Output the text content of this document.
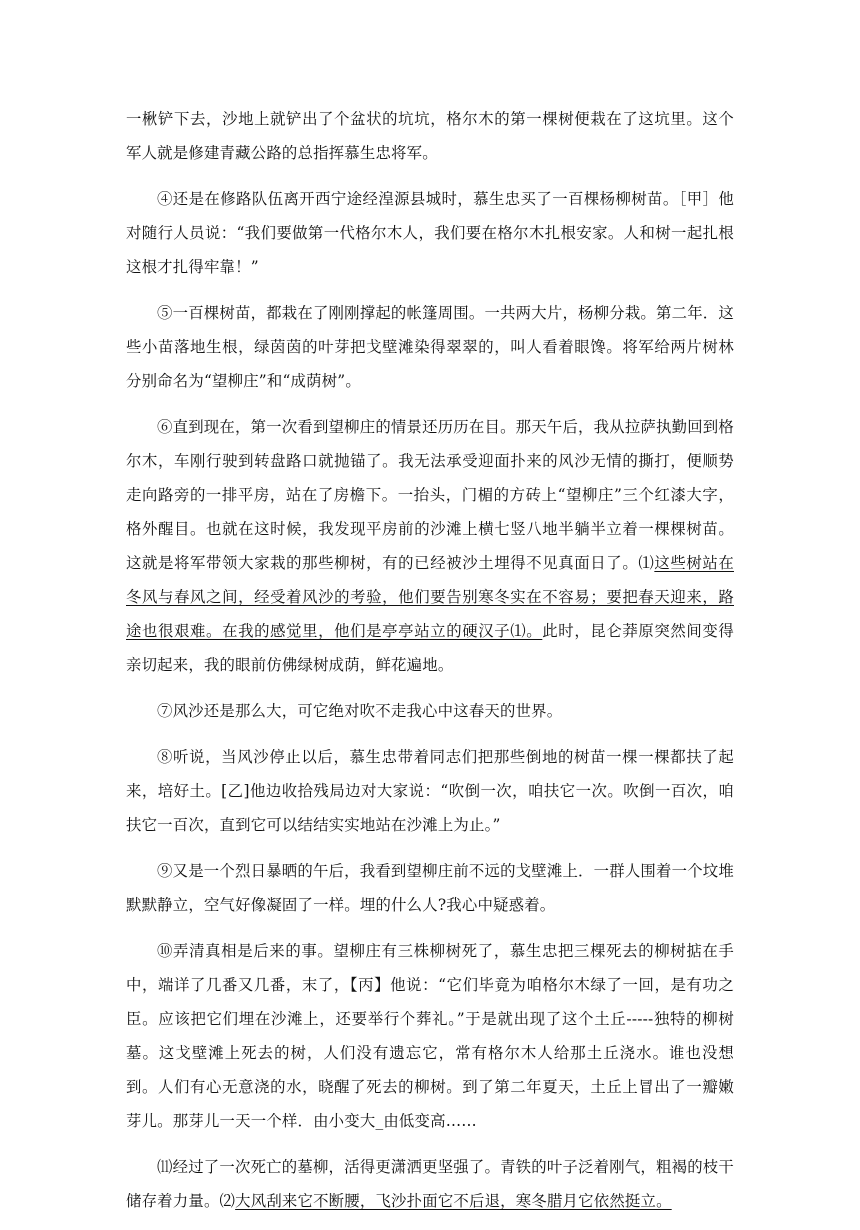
一楸铲下去，沙地上就铲出了个盆状的坑坑，格尔木的第一棵树便栽在了这坑里。这个军人就是修建青藏公路的总指挥慕生忠将军。

④还是在修路队伍离开西宁途经湟源县城时，慕生忠买了一百棵杨柳树苗。［甲］他对随行人员说：“我们要做第一代格尔木人，我们要在格尔木扎根安家。人和树一起扎根这根才扎得牢靠！”

⑤一百棵树苗，都栽在了刚刚撑起的帐篷周围。一共两大片，杨柳分栽。第二年．这些小苗落地生根，绿茵茵的叶芽把戈壁滩染得翠翠的，叫人看着眼馋。将军给两片树林分别命名为“望柳庄”和“成荫树”。

⑥直到现在，第一次看到望柳庄的情景还历历在目。那天午后，我从拉萨执勤回到格尔木，车刚行驶到转盘路口就抛锚了。我无法承受迎面扑来的风沙无情的撕打，便顺势走向路旁的一排平房，站在了房檐下。一抬头，门楣的方砖上“望柳庄”三个红漆大字，格外醒目。也就在这时候，我发现平房前的沙滩上横七竖八地半躺半立着一棵棵树苗。这就是将军带领大家栽的那些柳树，有的已经被沙土埋得不见真面日了。⑴这些树站在冬风与春风之间，经受着风沙的考验，他们要告别寒冬实在不容易；要把春天迎来，路途也很艰难。在我的感觉里，他们是亭亭站立的硬汉子⑴。此时，昆仑莽原突然间变得亲切起来，我的眼前仿佛绿树成荫，鲜花遍地。

⑦风沙还是那么大，可它绝对吹不走我心中这春天的世界。

⑧听说，当风沙停止以后，慕生忠带着同志们把那些倒地的树苗一棵一棵都扶了起来，培好土。[乙]他边收拾残局边对大家说：“吹倒一次，咱扶它一次。吹倒一百次，咱扶它一百次，直到它可以结结实实地站在沙滩上为止。”

⑨又是一个烈日暴晒的午后，我看到望柳庄前不远的戈壁滩上．一群人围着一个坟堆默默静立，空气好像凝固了一样。埋的什么人?我心中疑惑着。

⑩弄清真相是后来的事。望柳庄有三株柳树死了，慕生忠把三棵死去的柳树掂在手中，端详了几番又几番，末了，【丙】他说：“它们毕竟为咱格尔木绿了一回，是有功之臣。应该把它们埋在沙滩上，还要举行个葬礼。”于是就出现了这个土丘-----独特的柳树墓。这戈壁滩上死去的树，人们没有遗忘它，常有格尔木人给那土丘浇水。谁也没想到。人们有心无意浇的水，晓醒了死去的柳树。到了第二年夏天，土丘上冒出了一瓣嫩芽儿。那芽儿一天一个样．由小变大_由低变高……

⑾经过了一次死亡的墓柳，活得更潇洒更坚强了。青铁的叶子泛着刚气，粗褐的枝干储存着力量。⑵大风刮来它不断腰，飞沙扑面它不后退，寒冬腊月它依然挺立。
